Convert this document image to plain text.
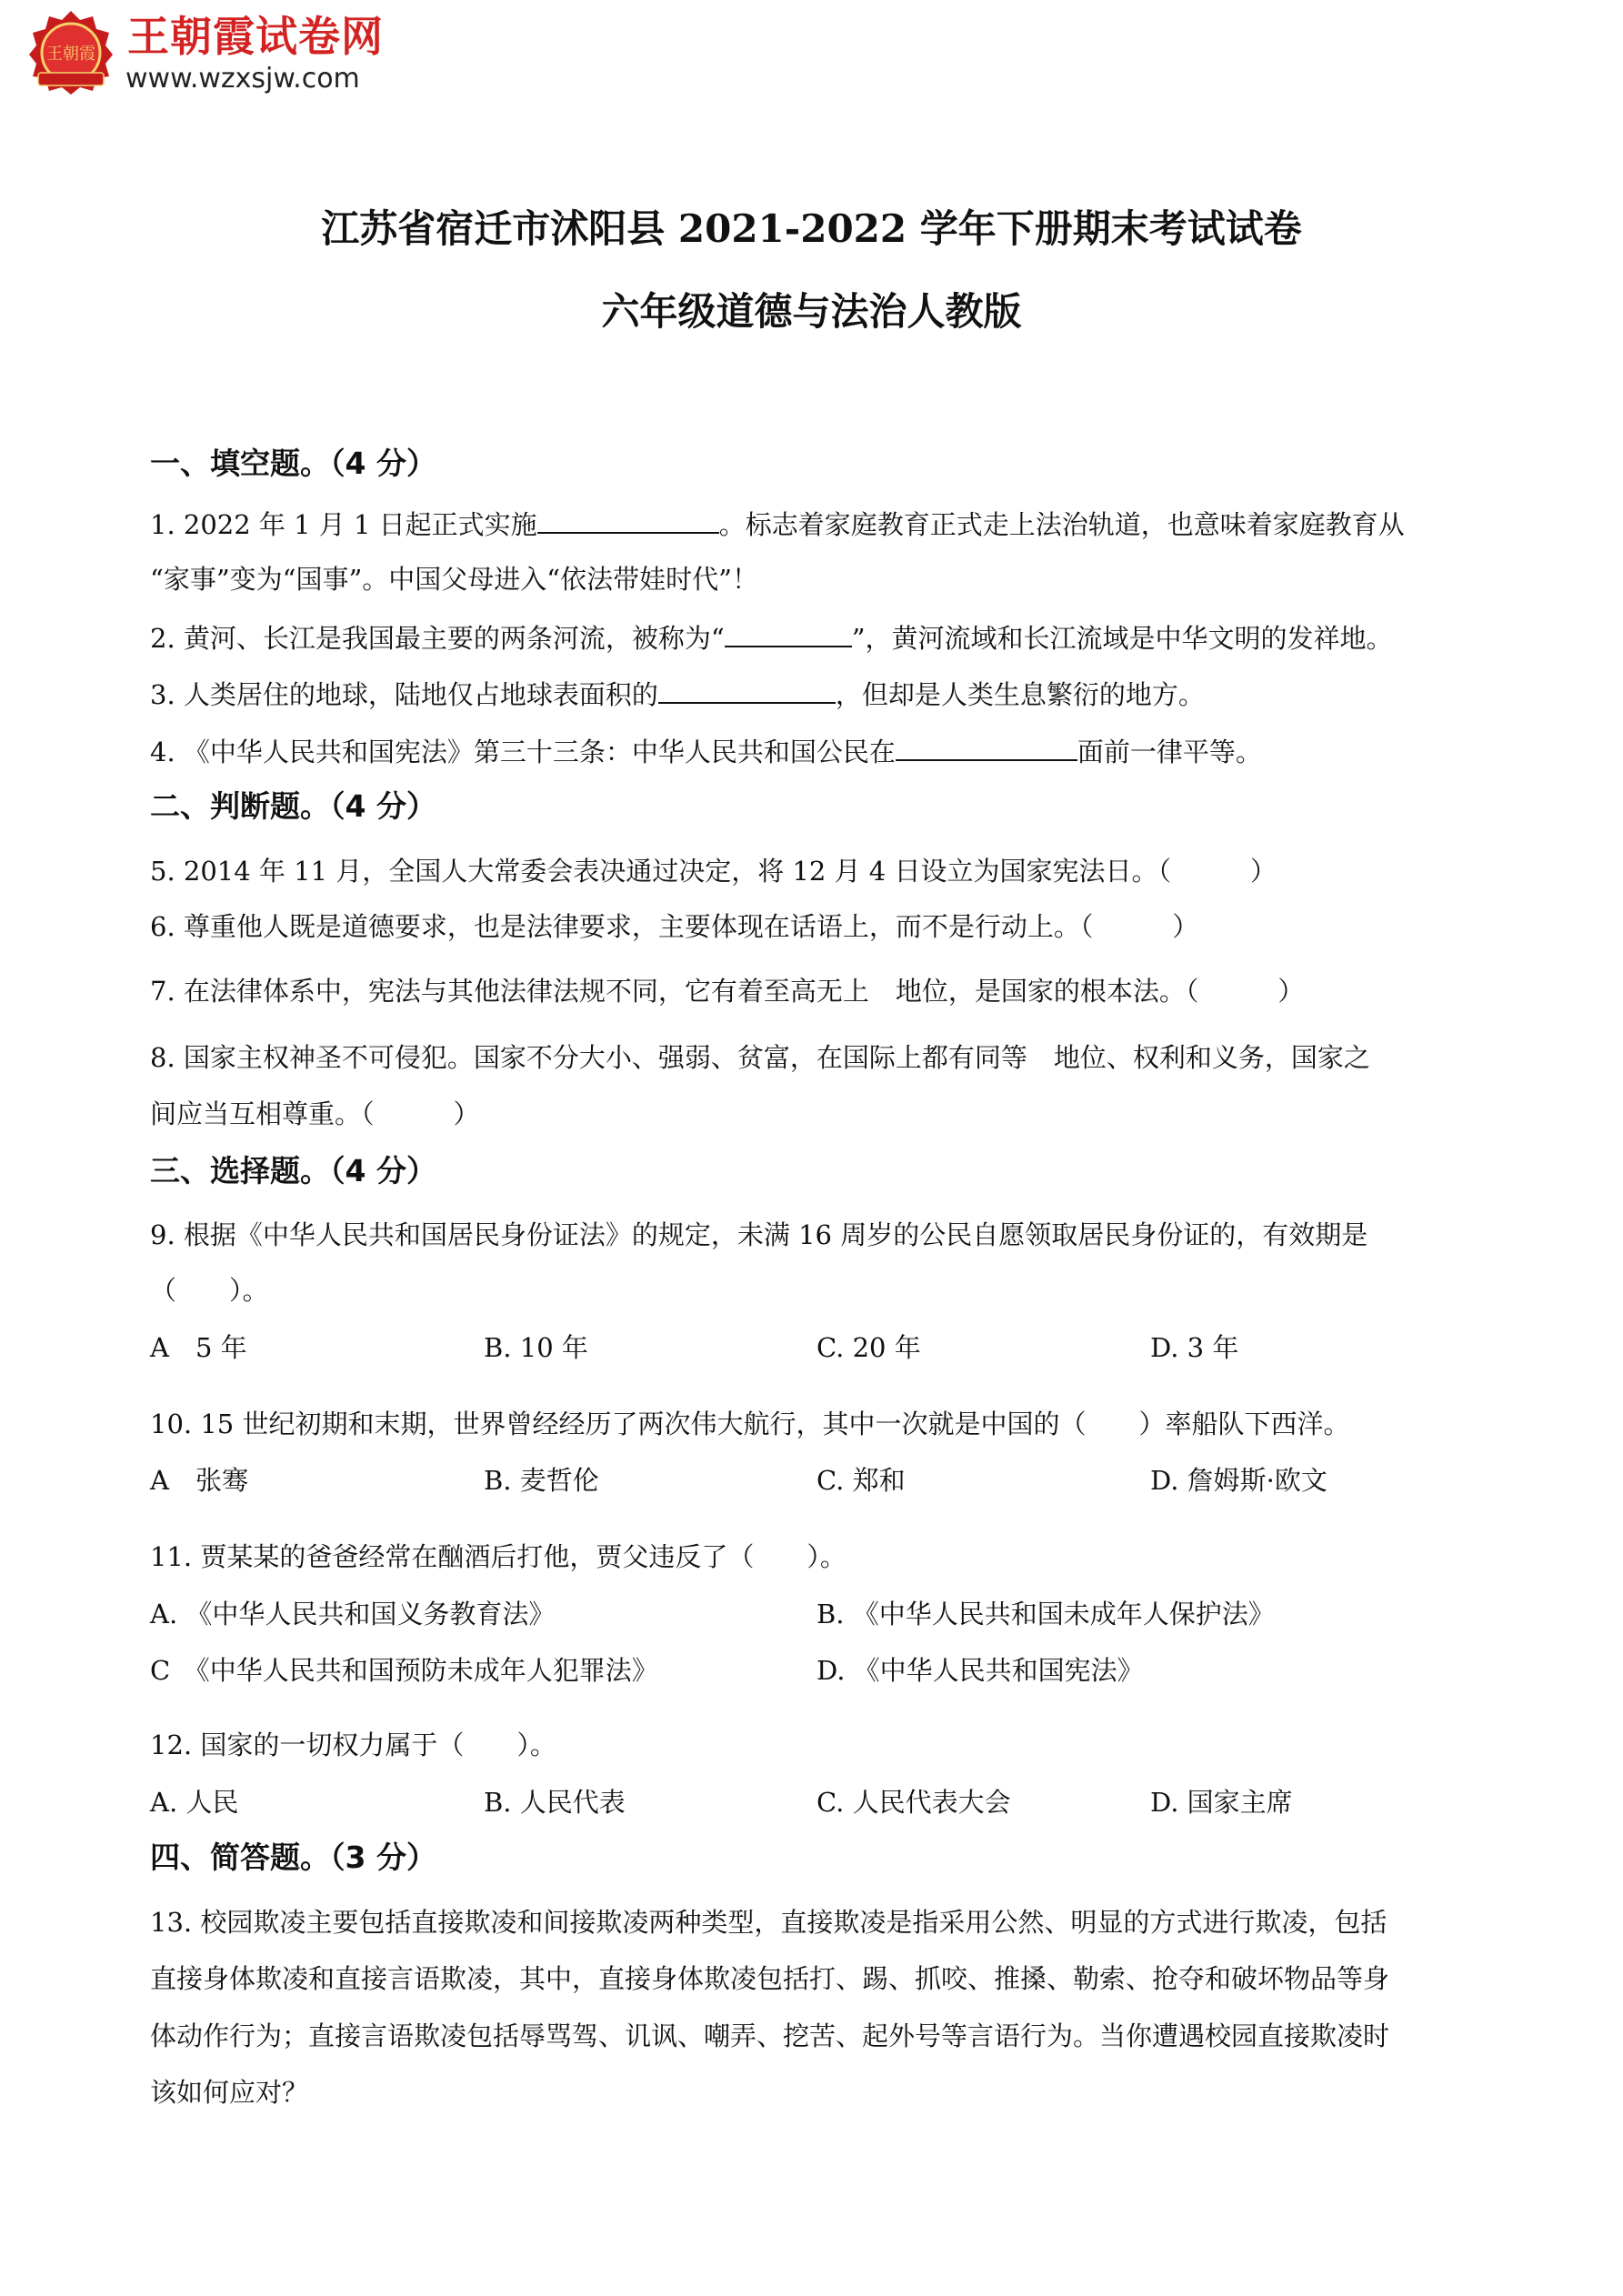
王朝霞 王朝霞试卷网
www.wzxsjw.com
江苏省宿迁市沭阳县 2021-2022 学年下册期末考试试卷
六年级道德与法治人教版
一、填空题。（4 分）
1. 2022 年 1 月 1 日起正式实施	。标志着家庭教育正式走上法治轨道，也意味着家庭教育从
“家事”变为“国事”。中国父母进入“依法带娃时代”！
2. 黄河、长江是我国最主要的两条河流，被称为“	”，黄河流域和长江流域是中华文明的发祥地。
3. 人类居住的地球，陆地仅占地球表面积的	，但却是人类生息繁衍的地方。
4. 《中华人民共和国宪法》第三十三条：中华人民共和国公民在	面前一律平等。
二、判断题。（4 分）
5. 2014 年 11 月，全国人大常委会表决通过决定，将 12 月 4 日设立为国家宪法日。（　　　）
6. 尊重他人既是道德要求，也是法律要求，主要体现在话语上，而不是行动上。（　　　）
7. 在法律体系中，宪法与其他法律法规不同，它有着至高无上　地位，是国家的根本法。（　　　）
8. 国家主权神圣不可侵犯。国家不分大小、强弱、贫富，在国际上都有同等　地位、权利和义务，国家之
间应当互相尊重。（　　　）
三、选择题。（4 分）
9. 根据《中华人民共和国居民身份证法》的规定，未满 16 周岁的公民自愿领取居民身份证的，有效期是
（　　）。
A　5 年	B. 10 年	C. 20 年	D. 3 年
10. 15 世纪初期和末期，世界曾经经历了两次伟大航行，其中一次就是中国的（　　）率船队下西洋。
A　张骞	B. 麦哲伦	C. 郑和	D. 詹姆斯·欧文
11. 贾某某的爸爸经常在酗酒后打他，贾父违反了（　　）。
A. 《中华人民共和国义务教育法》	B. 《中华人民共和国未成年人保护法》
C　《中华人民共和国预防未成年人犯罪法》	D. 《中华人民共和国宪法》
12. 国家的一切权力属于（　　）。
A. 人民	B. 人民代表	C. 人民代表大会	D. 国家主席
四、简答题。（3 分）
13. 校园欺凌主要包括直接欺凌和间接欺凌两种类型，直接欺凌是指采用公然、明显的方式进行欺凌，包括
直接身体欺凌和直接言语欺凌，其中，直接身体欺凌包括打、踢、抓咬、推搡、勒索、抢夺和破坏物品等身
体动作行为；直接言语欺凌包括辱骂驾、讥讽、嘲弄、挖苦、起外号等言语行为。当你遭遇校园直接欺凌时
该如何应对？
